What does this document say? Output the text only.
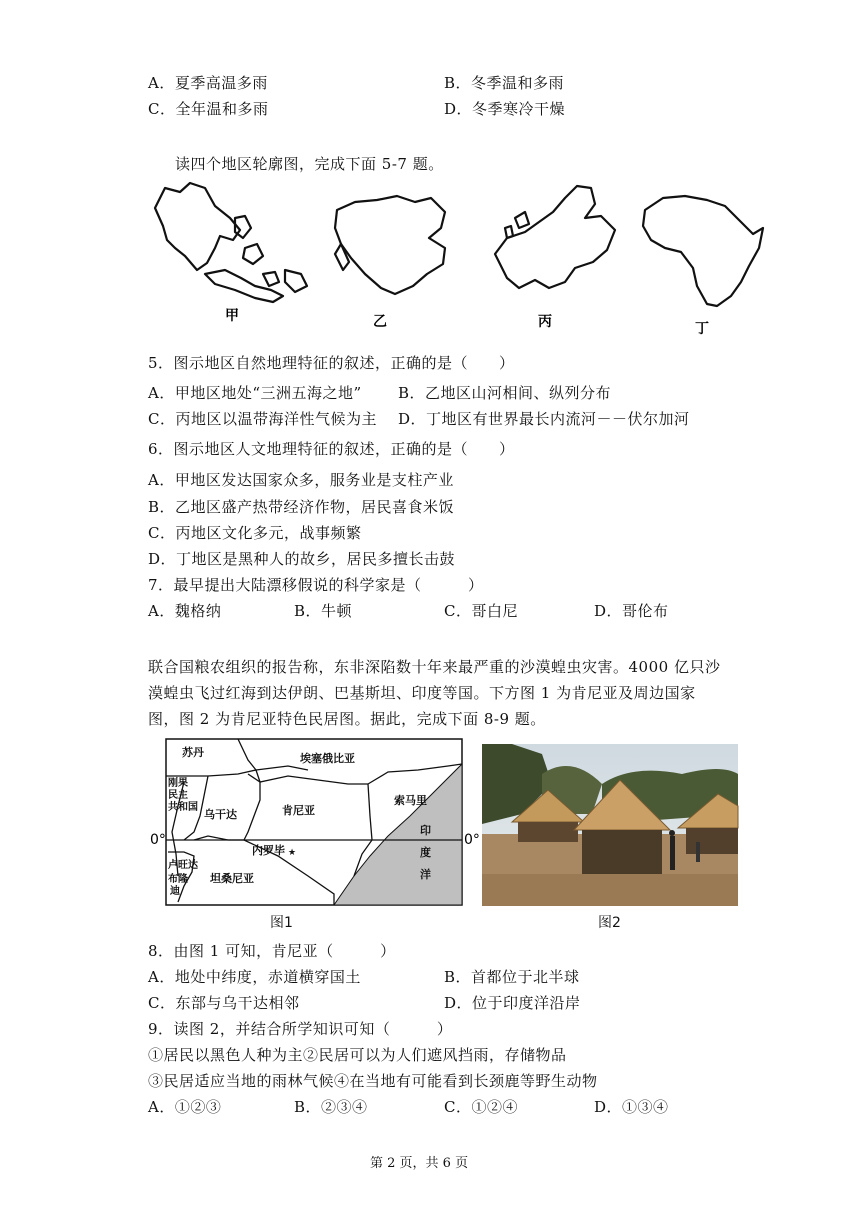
A．夏季高温多雨	B．冬季温和多雨
C．全年温和多雨	D．冬季寒冷干燥
读四个地区轮廓图，完成下面 5-7 题。
甲	乙	丙	丁
5．图示地区自然地理特征的叙述，正确的是（　　）
A．甲地区地处“三洲五海之地” B．乙地区山河相间、纵列分布
C．丙地区以温带海洋性气候为主 D．丁地区有世界最长内流河－－伏尔加河
6．图示地区人文地理特征的叙述，正确的是（　　）
A．甲地区发达国家众多，服务业是支柱产业
B．乙地区盛产热带经济作物，居民喜食米饭
C．丙地区文化多元，战事频繁
D．丁地区是黑种人的故乡，居民多擅长击鼓
7．最早提出大陆漂移假说的科学家是（　　　）
A．魏格纳	B．牛顿	C．哥白尼	D．哥伦布
联合国粮农组织的报告称，东非深陷数十年来最严重的沙漠蝗虫灾害。4000 亿只沙
漠蝗虫飞过红海到达伊朗、巴基斯坦、印度等国。下方图 1 为肯尼亚及周边国家
图，图 2 为肯尼亚特色民居图。据此，完成下面 8-9 题。
0°	0°
苏丹	埃塞俄比亚
刚果
民主
共和国
乌干达	肯尼亚
索马里
卢旺达
布隆
迪
坦桑尼亚
内罗毕
印
度
洋
★
图1	图2
8．由图 1 可知，肯尼亚（　　　）
A．地处中纬度，赤道横穿国土	B．首都位于北半球
C．东部与乌干达相邻	D．位于印度洋沿岸
9．读图 2，并结合所学知识可知（　　　）
①居民以黑色人种为主②民居可以为人们遮风挡雨，存储物品
③民居适应当地的雨林气候④在当地有可能看到长颈鹿等野生动物
A．①②③	B．②③④	C．①②④	D．①③④
第 2 页，共 6 页
